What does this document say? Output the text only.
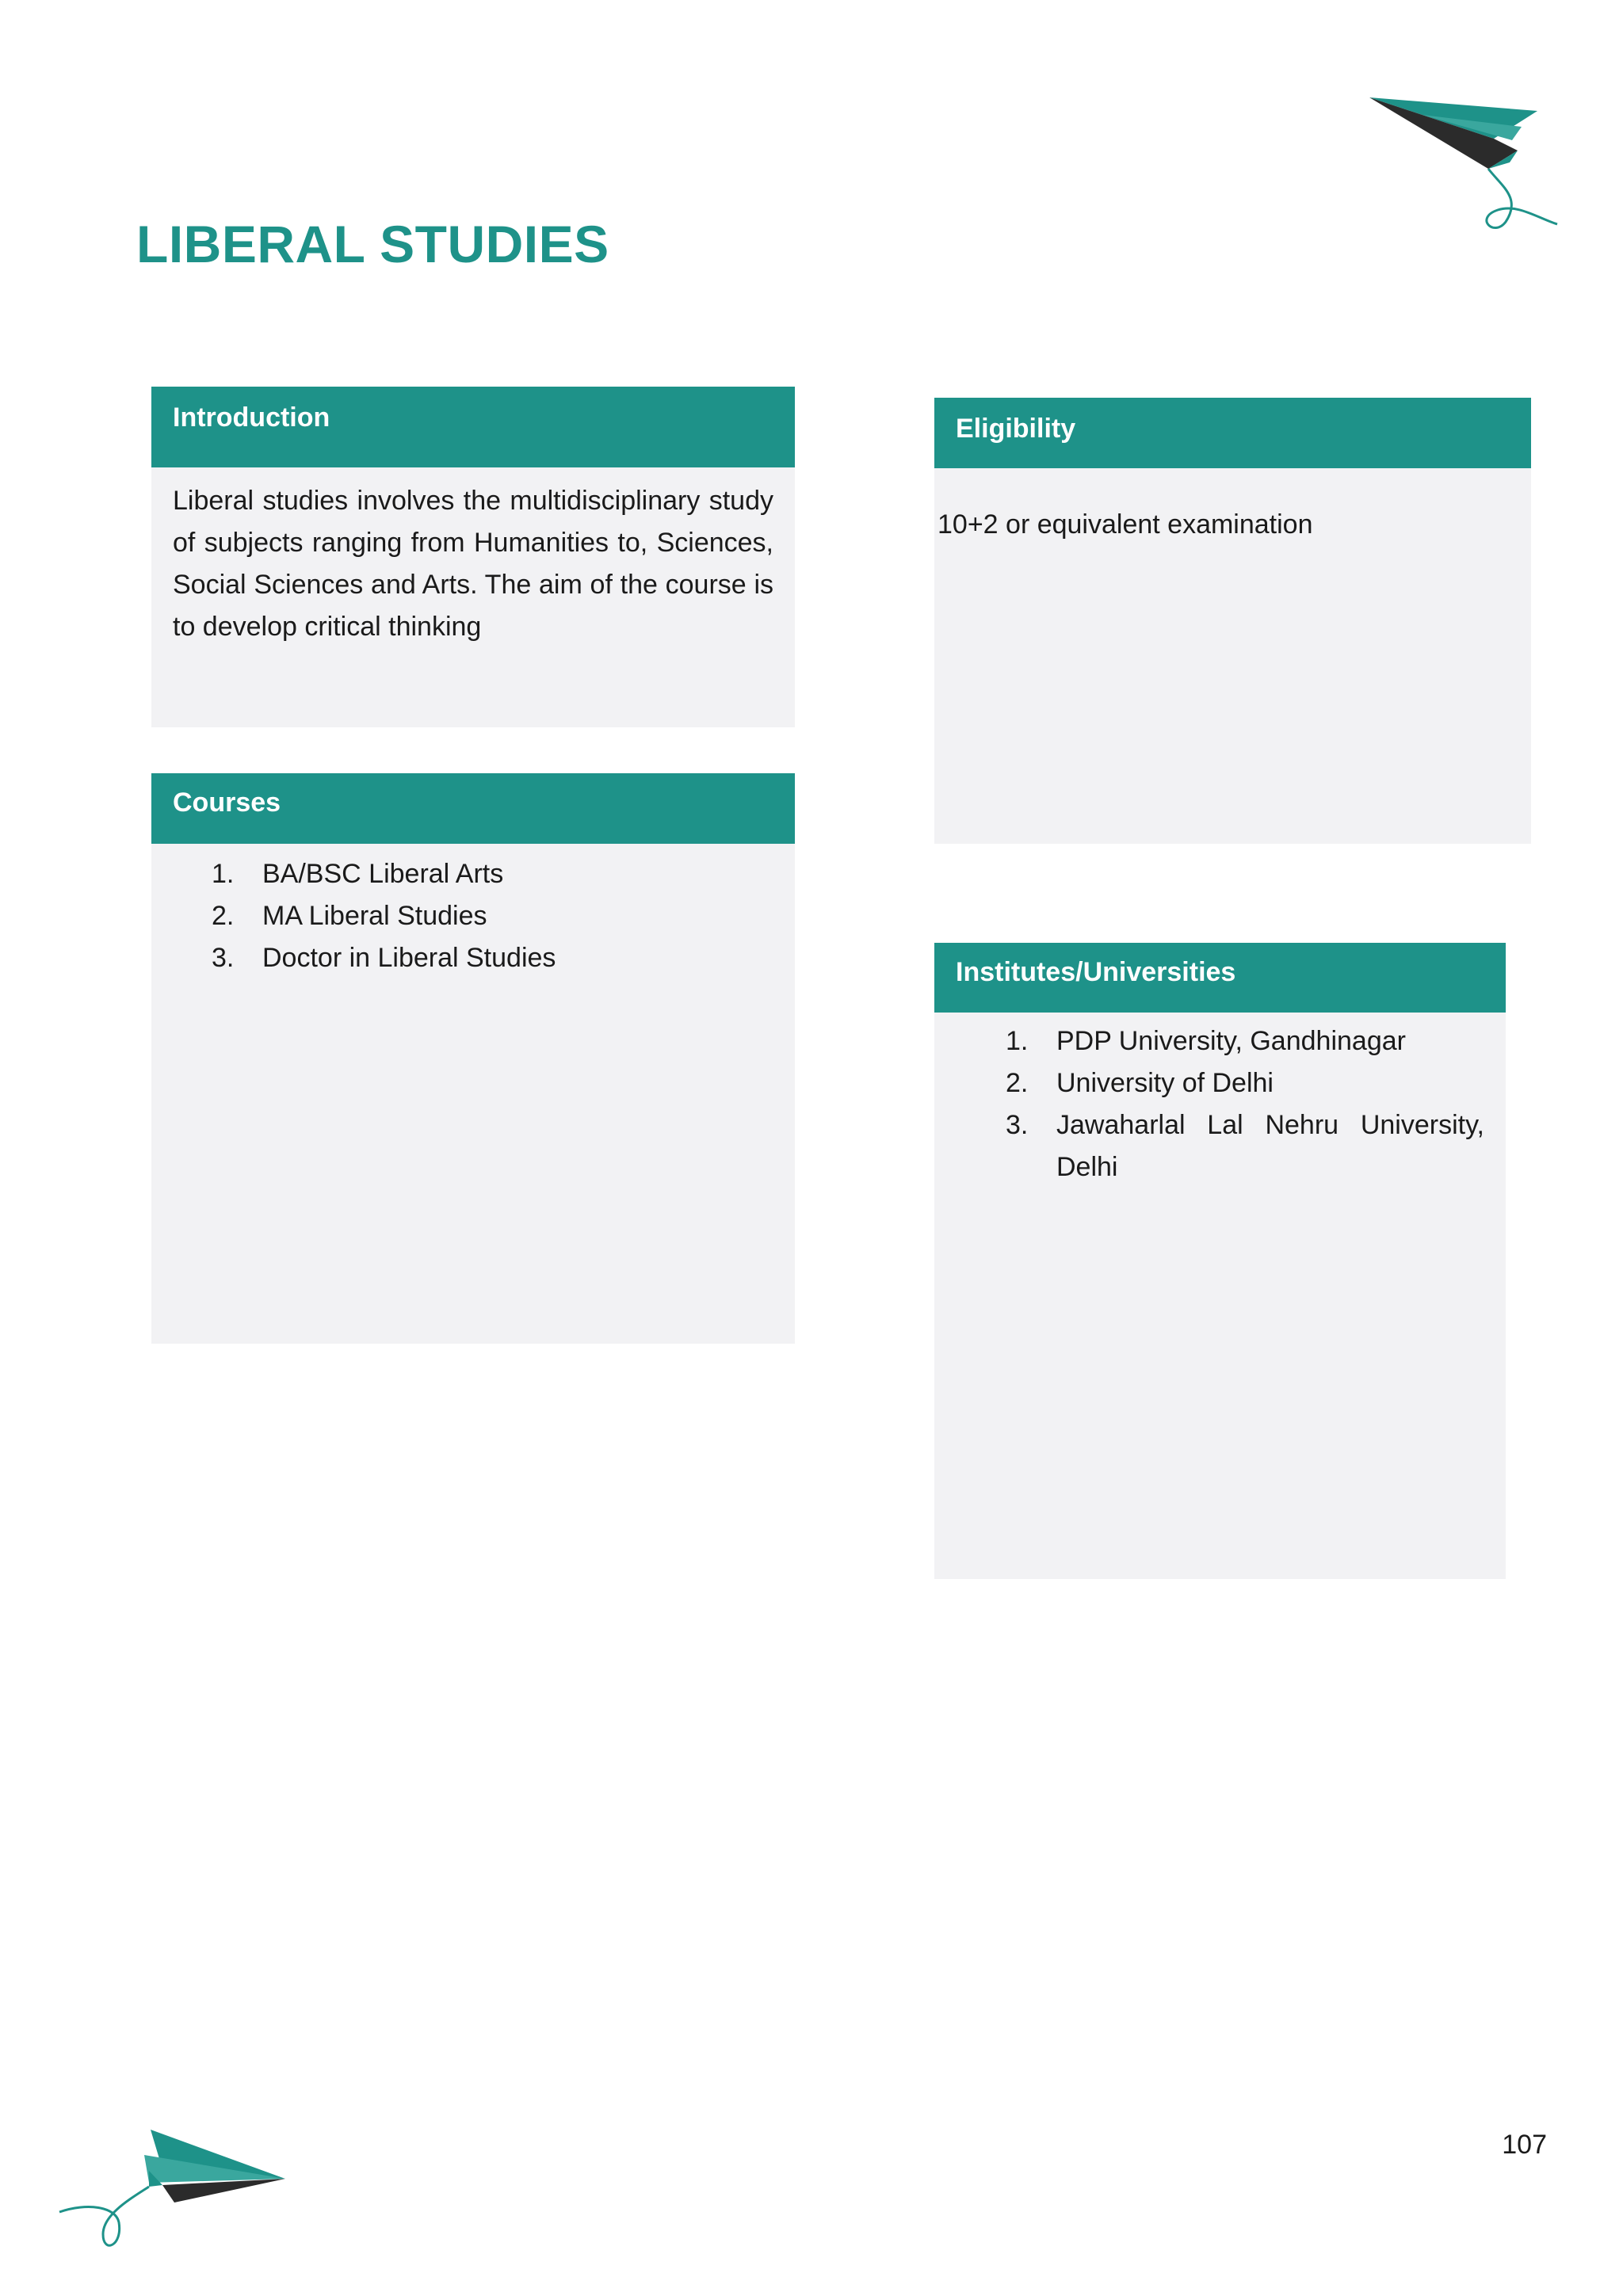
LIBERAL STUDIES
Introduction
Liberal studies involves the multidisciplinary study of subjects ranging from Humanities to, Sciences, Social Sciences and Arts. The aim of the course is to develop critical thinking
Eligibility
10+2 or equivalent examination
Courses
1. BA/BSC Liberal Arts
2. MA Liberal Studies
3. Doctor in Liberal Studies	Institutes/Universities
1. PDP University, Gandhinagar
2. University of Delhi
3. Jawaharlal Lal Nehru University, Delhi
107
